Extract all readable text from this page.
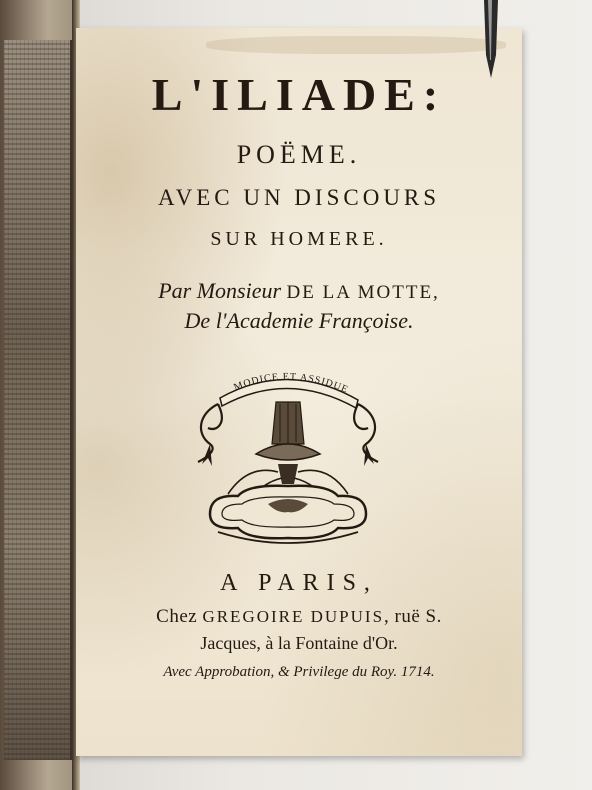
L'ILIADE:
POËME.
AVEC UN DISCOURS
SUR HOMERE.
Par Monsieur DE LA MOTTE,
De l'Academie Françoise.
MODICE ET ASSIDUE
A PARIS,
Chez GREGOIRE DUPUIS, ruë S.
Jacques, à la Fontaine d'Or.
Avec Approbation, & Privilege du Roy. 1714.
